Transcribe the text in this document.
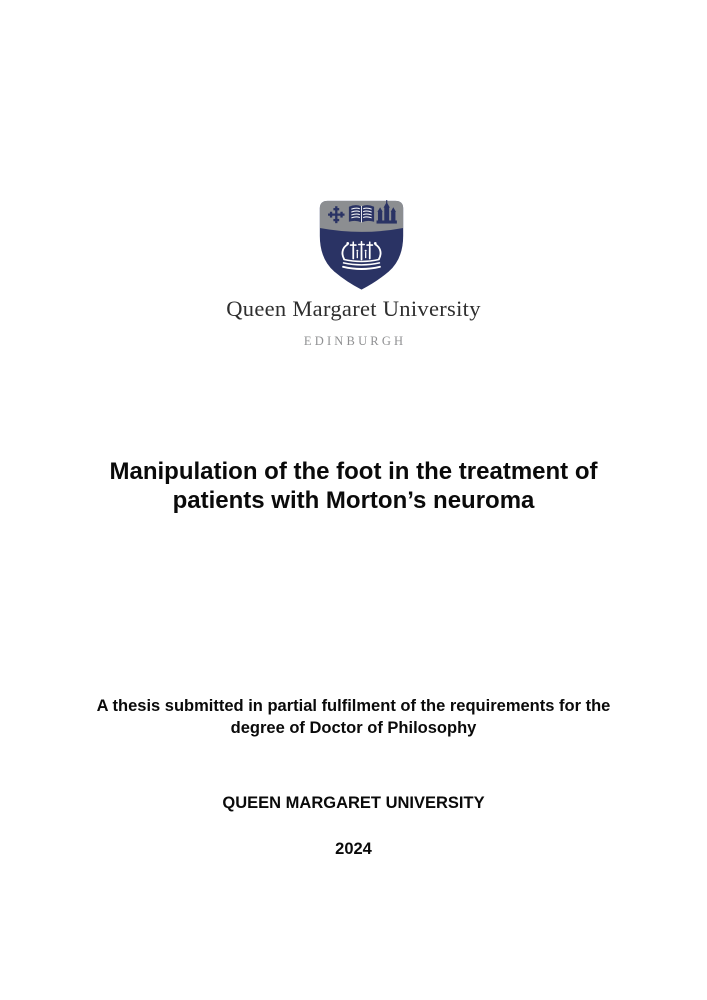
Queen Margaret University
EDINBURGH
Manipulation of the foot in the treatment of
patients with Morton’s neuroma
A thesis submitted in partial fulfilment of the requirements for the
degree of Doctor of Philosophy
QUEEN MARGARET UNIVERSITY
2024
